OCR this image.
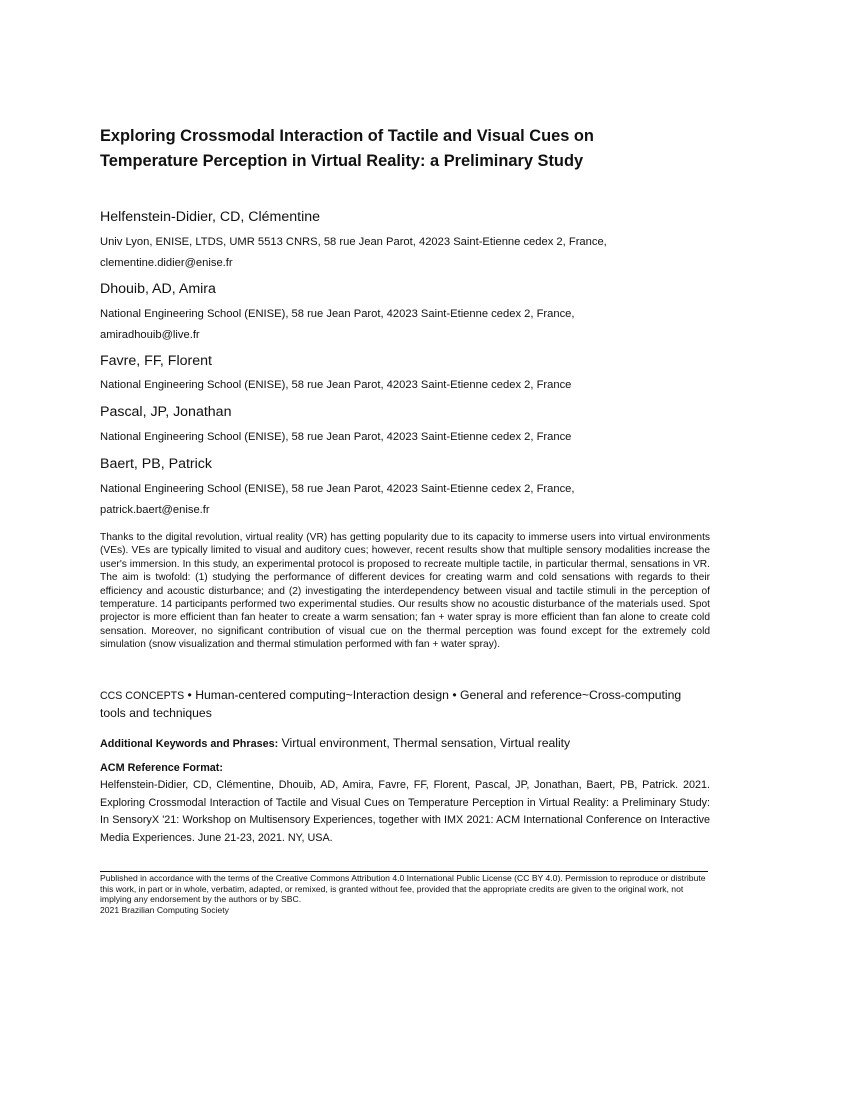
Exploring Crossmodal Interaction of Tactile and Visual Cues on
Temperature Perception in Virtual Reality: a Preliminary Study

Helfenstein-Didier, CD, Clémentine

Univ Lyon, ENISE, LTDS, UMR 5513 CNRS, 58 rue Jean Parot, 42023 Saint-Etienne cedex 2, France,
clementine.didier@enise.fr

Dhouib, AD, Amira

National Engineering School (ENISE), 58 rue Jean Parot, 42023 Saint-Etienne cedex 2, France,
amiradhouib@live.fr

Favre, FF, Florent

National Engineering School (ENISE), 58 rue Jean Parot, 42023 Saint-Etienne cedex 2, France

Pascal, JP, Jonathan

National Engineering School (ENISE), 58 rue Jean Parot, 42023 Saint-Etienne cedex 2, France

Baert, PB, Patrick

National Engineering School (ENISE), 58 rue Jean Parot, 42023 Saint-Etienne cedex 2, France,
patrick.baert@enise.fr

Thanks to the digital revolution, virtual reality (VR) has getting popularity due to its capacity to immerse users into virtual environments (VEs). VEs are typically limited to visual and auditory cues; however, recent results show that multiple sensory modalities increase the user's immersion. In this study, an experimental protocol is proposed to recreate multiple tactile, in particular thermal, sensations in VR. The aim is twofold: (1) studying the performance of different devices for creating warm and cold sensations with regards to their efficiency and acoustic disturbance; and (2) investigating the interdependency between visual and tactile stimuli in the perception of temperature. 14 participants performed two experimental studies. Our results show no acoustic disturbance of the materials used. Spot projector is more efficient than fan heater to create a warm sensation; fan + water spray is more efficient than fan alone to create cold sensation. Moreover, no significant contribution of visual cue on the thermal perception was found except for the extremely cold simulation (snow visualization and thermal stimulation performed with fan + water spray).

CCS CONCEPTS • Human-centered computing~Interaction design • General and reference~Cross-computing tools and techniques

Additional Keywords and Phrases: Virtual environment, Thermal sensation, Virtual reality

ACM Reference Format:

Helfenstein-Didier, CD, Clémentine, Dhouib, AD, Amira, Favre, FF, Florent, Pascal, JP, Jonathan, Baert, PB, Patrick. 2021. Exploring Crossmodal Interaction of Tactile and Visual Cues on Temperature Perception in Virtual Reality: a Preliminary Study: In SensoryX '21: Workshop on Multisensory Experiences, together with IMX 2021: ACM International Conference on Interactive Media Experiences. June 21-23, 2021. NY, USA.

Published in accordance with the terms of the Creative Commons Attribution 4.0 International Public License (CC BY 4.0). Permission to reproduce or distribute this work, in part or in whole, verbatim, adapted, or remixed, is granted without fee, provided that the appropriate credits are given to the original work, not implying any endorsement by the authors or by SBC.
2021 Brazilian Computing Society
